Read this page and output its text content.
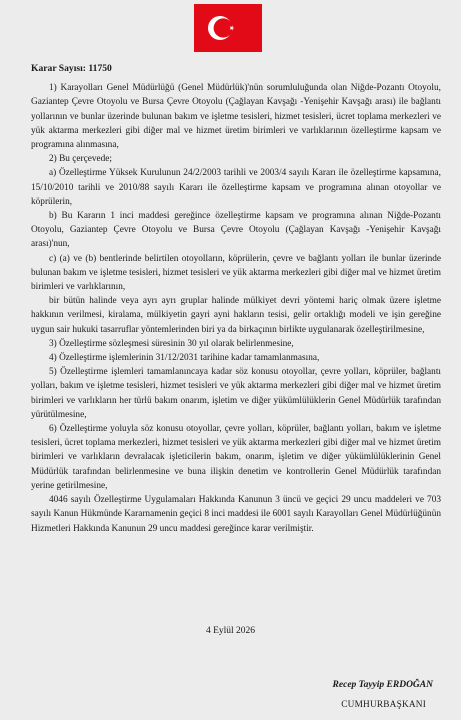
Karar Sayısı: 11750

1) Karayolları Genel Müdürlüğü (Genel Müdürlük)'nün sorumluluğunda olan Niğde-Pozantı Otoyolu, Gaziantep Çevre Otoyolu ve Bursa Çevre Otoyolu (Çağlayan Kavşağı -Yenişehir Kavşağı arası) ile bağlantı yollarının ve bunlar üzerinde bulunan bakım ve işletme tesisleri, hizmet tesisleri, ücret toplama merkezleri ve yük aktarma merkezleri gibi diğer mal ve hizmet üretim birimleri ve varlıklarının özelleştirme kapsam ve programına alınmasına,

2) Bu çerçevede;

a) Özelleştirme Yüksek Kurulunun 24/2/2003 tarihli ve 2003/4 sayılı Kararı ile özelleştirme kapsamına, 15/10/2010 tarihli ve 2010/88 sayılı Kararı ile özelleştirme kapsam ve programına alınan otoyollar ve köprülerin,

b) Bu Kararın 1 inci maddesi gereğince özelleştirme kapsam ve programına alınan Niğde-Pozantı Otoyolu, Gaziantep Çevre Otoyolu ve Bursa Çevre Otoyolu (Çağlayan Kavşağı -Yenişehir Kavşağı arası)'nun,

c) (a) ve (b) bentlerinde belirtilen otoyolların, köprülerin, çevre ve bağlantı yolları ile bunlar üzerinde bulunan bakım ve işletme tesisleri, hizmet tesisleri ve yük aktarma merkezleri gibi diğer mal ve hizmet üretim birimleri ve varlıklarının,

bir bütün halinde veya ayrı ayrı gruplar halinde mülkiyet devri yöntemi hariç olmak üzere işletme hakkının verilmesi, kiralama, mülkiyetin gayri ayni hakların tesisi, gelir ortaklığı modeli ve işin gereğine uygun sair hukuki tasarruflar yöntemlerinden biri ya da birkaçının birlikte uygulanarak özelleştirilmesine,

3) Özelleştirme sözleşmesi süresinin 30 yıl olarak belirlenmesine,

4) Özelleştirme işlemlerinin 31/12/2031 tarihine kadar tamamlanmasına,

5) Özelleştirme işlemleri tamamlanıncaya kadar söz konusu otoyollar, çevre yolları, köprüler, bağlantı yolları, bakım ve işletme tesisleri, hizmet tesisleri ve yük aktarma merkezleri gibi diğer mal ve hizmet üretim birimleri ve varlıkların her türlü bakım onarım, işletim ve diğer yükümlülüklerin Genel Müdürlük tarafından yürütülmesine,

6) Özelleştirme yoluyla söz konusu otoyollar, çevre yolları, köprüler, bağlantı yolları, bakım ve işletme tesisleri, ücret toplama merkezleri, hizmet tesisleri ve yük aktarma merkezleri gibi diğer mal ve hizmet üretim birimleri ve varlıkların devralacak işleticilerin bakım, onarım, işletim ve diğer yükümlülüklerinin Genel Müdürlük tarafından belirlenmesine ve buna ilişkin denetim ve kontrollerin Genel Müdürlük tarafından yerine getirilmesine,

4046 sayılı Özelleştirme Uygulamaları Hakkında Kanunun 3 üncü ve geçici 29 uncu maddeleri ve 703 sayılı Kanun Hükmünde Kararnamenin geçici 8 inci maddesi ile 6001 sayılı Karayolları Genel Müdürlüğünün Hizmetleri Hakkında Kanunun 29 uncu maddesi gereğince karar verilmiştir.

4 Eylül 2026
Recep Tayyip ERDOĞAN
CUMHURBAŞKANI
